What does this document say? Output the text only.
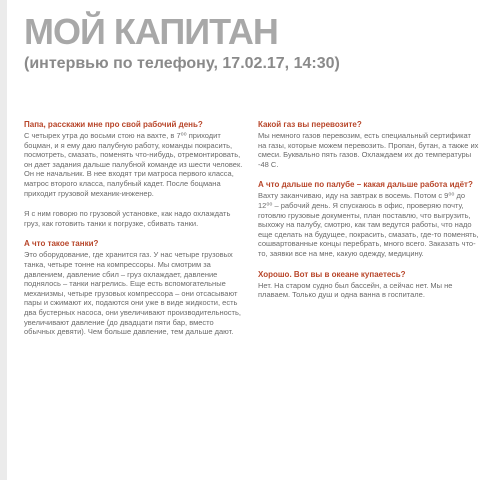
МОЙ КАПИТАН
(интервью по телефону, 17.02.17, 14:30)
Папа, расскажи мне про свой рабочий день?
С четырех утра до восьми стою на вахте, в 7⁰⁰ приходит боцман, и я ему даю палубную работу, команды покрасить, посмотреть, смазать, поменять что-нибудь, отремонтировать, он дает задания дальше палубной команде из шести человек. Он не начальник. В нее входят три матроса первого класса, матрос второго класса, палубный кадет. После боцмана приходит грузовой механик-инженер.
Я с ним говорю по грузовой установке, как надо охлаждать груз, как готовить танки к погрузке, сбивать танки.
А что такое танки?
Это оборудование, где хранится газ. У нас четыре грузовых танка, четыре тонне на компрессоры. Мы смотрим за давлением, давление сбил – груз охлаждает, давление поднялось – танки нагрелись. Еще есть вспомогательные механизмы, четыре грузовых компрессора – они отсасывают пары и сжимают их, подаются они уже в виде жидкости, есть два бустерных насоса, они увеличивают производительность, увеличивают давление (до двадцати пяти бар, вместо обычных девяти). Чем больше давление, тем дальше дают.
Какой газ вы перевозите?
Мы немного газов перевозим, есть специальный сертификат на газы, которые можем перевозить. Пропан, бутан, а также их смеси. Буквально пять газов. Охлаждаем их до температуры -48 С.
А что дальше по палубе – какая дальше работа идёт?
Вахту заканчиваю, иду на завтрак в восемь. Потом с 9⁰⁰ до 12⁰⁰ – рабочий день. Я спускаюсь в офис, проверяю почту, готовлю грузовые документы, план поставлю, что выгрузить, выхожу на палубу, смотрю, как там ведутся работы, что надо еще сделать на будущее, покрасить, смазать, где-то поменять, сошвартованные концы перебрать, много всего. Заказать что-то, заявки все на мне, какую одежду, медицину.
Хорошо. Вот вы в океане купаетесь?
Нет. На старом судно был бассейн, а сейчас нет. Мы не плаваем. Только душ и одна ванна в госпитале.
